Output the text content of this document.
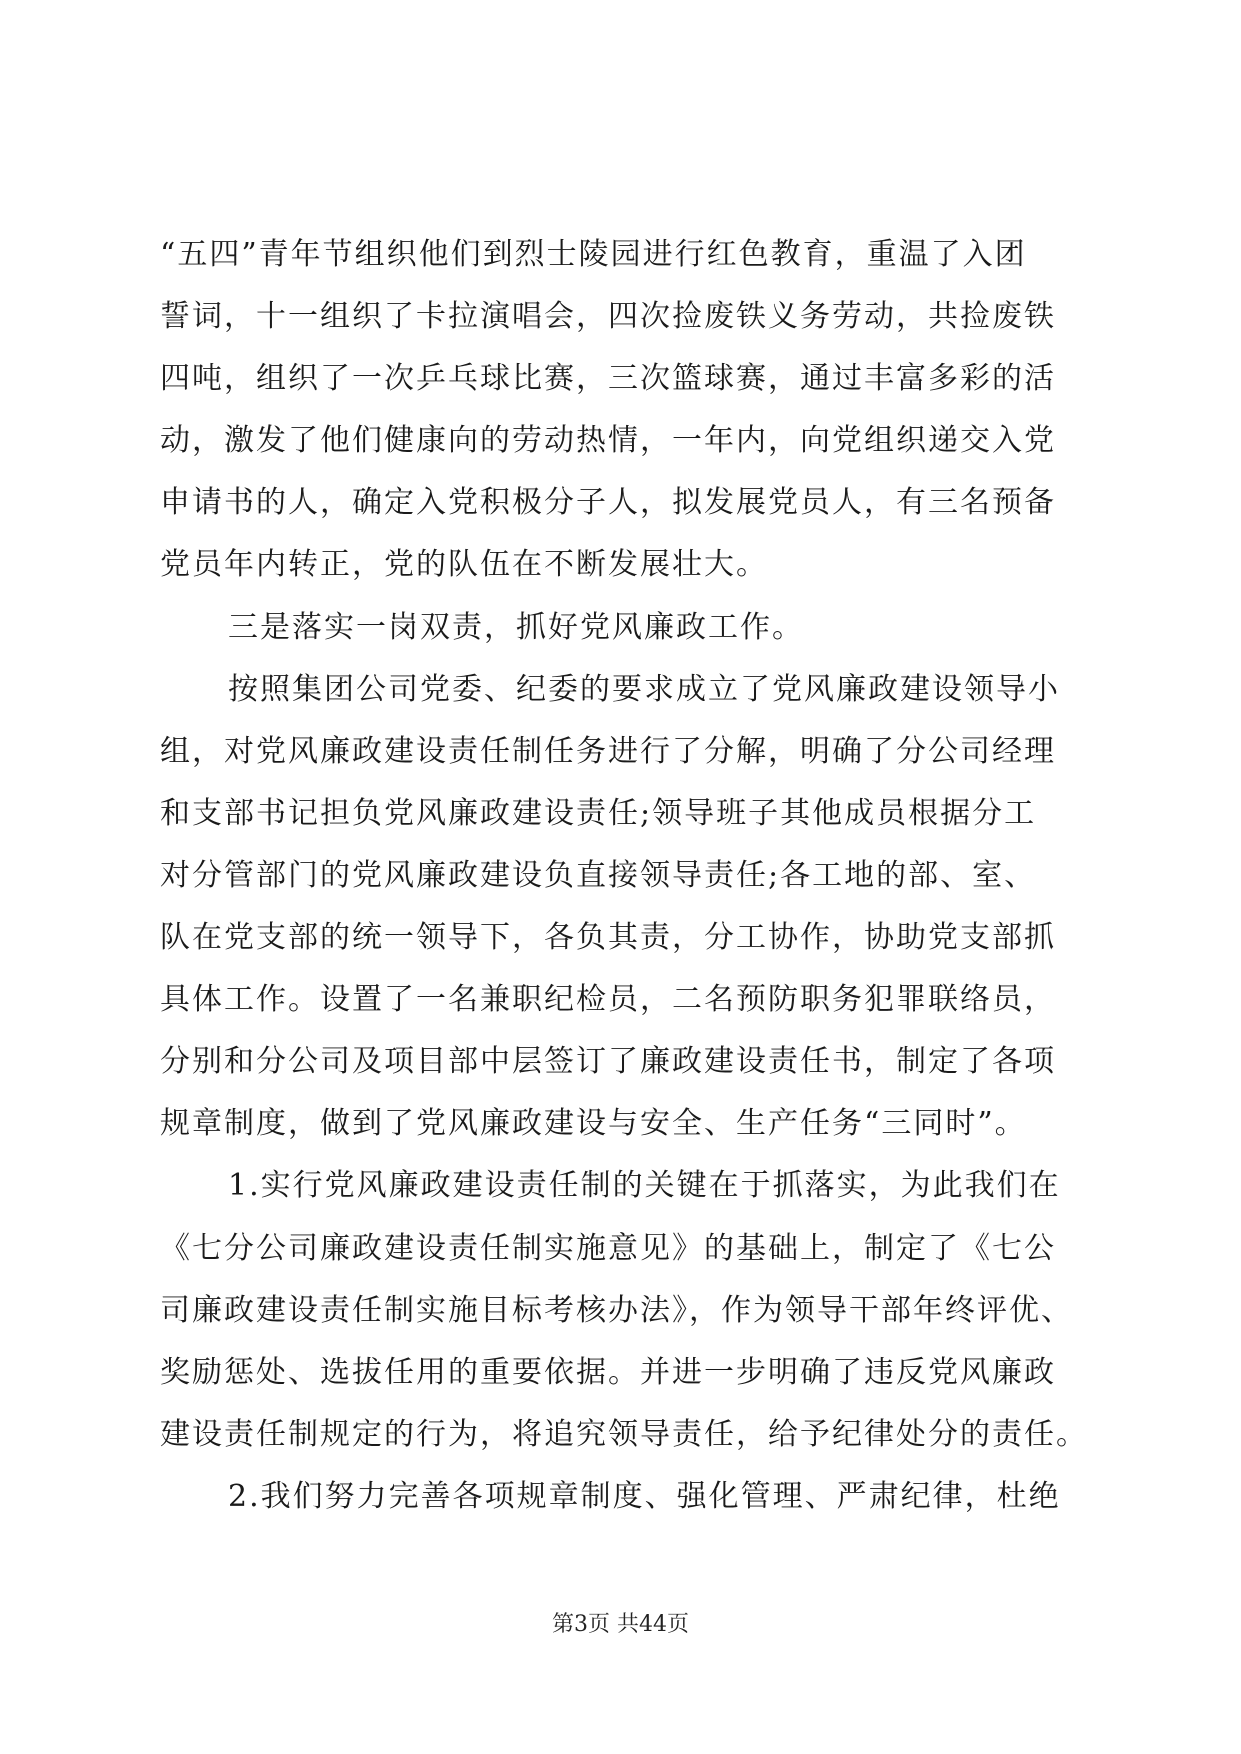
“五四”青年节组织他们到烈士陵园进行红色教育，重温了入团
誓词，十一组织了卡拉演唱会，四次捡废铁义务劳动，共捡废铁
四吨，组织了一次乒乓球比赛，三次篮球赛，通过丰富多彩的活
动，激发了他们健康向的劳动热情，一年内，向党组织递交入党
申请书的人，确定入党积极分子人，拟发展党员人，有三名预备
党员年内转正，党的队伍在不断发展壮大。
三是落实一岗双责，抓好党风廉政工作。
按照集团公司党委、纪委的要求成立了党风廉政建设领导小
组，对党风廉政建设责任制任务进行了分解，明确了分公司经理
和支部书记担负党风廉政建设责任;领导班子其他成员根据分工
对分管部门的党风廉政建设负直接领导责任;各工地的部、室、
队在党支部的统一领导下，各负其责，分工协作，协助党支部抓
具体工作。设置了一名兼职纪检员，二名预防职务犯罪联络员，
分别和分公司及项目部中层签订了廉政建设责任书，制定了各项
规章制度，做到了党风廉政建设与安全、生产任务“三同时”。
1.实行党风廉政建设责任制的关键在于抓落实，为此我们在
《七分公司廉政建设责任制实施意见》的基础上，制定了《七公
司廉政建设责任制实施目标考核办法》，作为领导干部年终评优、
奖励惩处、选拔任用的重要依据。并进一步明确了违反党风廉政
建设责任制规定的行为，将追究领导责任，给予纪律处分的责任。
2.我们努力完善各项规章制度、强化管理、严肃纪律，杜绝
第3页 共44页
